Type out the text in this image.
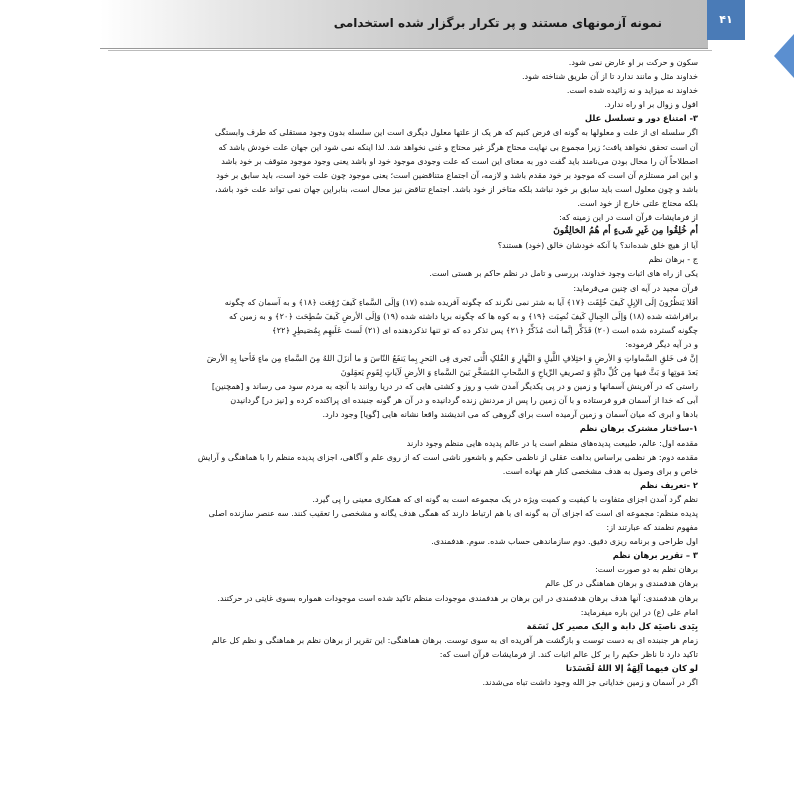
نمونه آزمونهای مستند و پر تکرار برگزار شده استخدامی	۴۱
سکون و حرکت بر او عارض نمی شود.
خداوند مثل و مانند ندارد تا از آن طریق شناخته شود.
خداوند نه میزاید و نه زائیده شده است.
افول و زوال بر او راه ندارد.
۳- امتناع دور و تسلسل علل
اگر سلسله ای از علت و معلولها به گونه ای فرض کنیم که هر یک از علتها معلول دیگری است این سلسله بدون وجود مستقلی که طرف وابستگی
آن است تحقق نخواهد یافت؛ زیرا مجموع بی نهایت محتاج هرگز غیر محتاج و غنی نخواهد شد. لذا اینکه نمی شود این جهان علت خودش باشد که
اصطلاحاً آن را محال بودن می‌نامند باید گفت دور به معنای این است که علت وجودی موجود خود او باشد یعنی وجود موجود متوقف بر خود باشد
و این امر مستلزم آن است که موجود بر خود مقدم باشد و لازمه، آن اجتماع متناقضین است؛ یعنی موجود چون علت خود است، باید سابق بر خود
باشد و چون معلول است باید سابق بر خود نباشد بلکه متاخر از خود باشد. اجتماع تناقض نیز محال است، بنابراین جهان نمی تواند علت خود باشد،
بلکه محتاج علتی خارج از خود است.
از فرمایشات قرآن است در این زمینه که:
أم خُلِقُوا مِن غَیرِ شَیءٍ أم هُمُ الخالِقُونَ
آیا از هیچ خلق شده‌اند؟ یا آنکه خودشان خالق (خود) هستند؟
ج - برهان نظم
یکی از راه های اثبات وجود خداوند، بررسی و تامل در نظم حاکم بر هستی است.
قرآن مجید در آیه ای چنین می‌فرماید:
أفَلا یَنظُرُونَ إلَی الإبِلِ کَیفَ خُلِقَت ﴿۱۷﴾ آیا به شتر نمی نگرند که چگونه آفریده شده (۱۷) وَإلَی السَّماءِ کَیفَ رُفِعَت ﴿۱۸﴾ و به آسمان که چگونه
برافراشته شده (۱۸) وَإلَی الجِبالِ کَیفَ نُصِبَت ﴿۱۹﴾ و به کوه ها که چگونه برپا داشته شده (۱۹) وَإلَی الأرضِ کَیفَ سُطِحَت ﴿۲۰﴾ و به زمین که
چگونه گسترده شده است (۲۰) فَذَکِّر إنَّما أنتَ مُذَکِّرٌ ﴿۲۱﴾ پس تذکر ده که تو تنها تذکردهنده ای (۲۱) لَستَ عَلَیهِم بِمُصَیطِرٍ ﴿۲۲﴾
و در آیه دیگر فرموده:
إنَّ فی خَلقِ السَّماواتِ وَ الأرضِ وَ اختِلافِ اللَّیلِ وَ النَّهارِ وَ الفُلکِ الَّتی تَجری فِی البَحرِ بِما یَنفَعُ النّاسَ وَ ما أنزَلَ اللهُ مِنَ السَّماءِ مِن ماءٍ فَأحیا بِهِ الأرضَ
بَعدَ مَوتِها وَ بَثَّ فیها مِن کُلِّ دابَّةٍ وَ تَصریفِ الرِّیاحِ وَ السَّحابِ المُسَخَّرِ بَینَ السَّماءِ وَ الأرضِ لَآیاتٍ لِقَومٍ یَعقِلونَ
راستی که در آفرینش آسمانها و زمین و در پی یکدیگر آمدن شب و روز و کشتی هایی که در دریا روانند با آنچه به مردم سود می رساند و [همچنین]
آبی که خدا از آسمان فرو فرستاده و با آن زمین را پس از مردنش زنده گردانیده و در آن هر گونه جنبنده ای پراکنده کرده و [نیز در] گردانیدن
بادها و ابری که میان آسمان و زمین آرمیده است برای گروهی که می اندیشند واقعا نشانه هایی [گویا] وجود دارد.
۱-ساختار مشترک برهان نظم
مقدمه اول: عالم، طبیعت پدیده‌های منظم است یا در عالم پدیده هایی منظم وجود دارند
مقدمه دوم: هر نظمی براساس بداهت عقلی از ناظمی حکیم و باشعور ناشی است که از روی علم و آگاهی، اجزای پدیده منظم را با هماهنگی و آرایش
خاص و برای وصول به هدف مشخصی کنار هم نهاده است.
۲ -تعریف نظم
نظم گرد آمدن اجزای متفاوت با کیفیت و کمیت ویژه در یک مجموعه است به گونه ای که همکاری معینی را پی گیرد.
پدیده منظم: مجموعه ای است که اجزای آن به گونه ای با هم ارتباط دارند که همگی هدف یگانه و مشخصی را تعقیب کنند. سه عنصر سازنده اصلی
مفهوم نظمند که عبارتند از:
اول طراحی و برنامه ریزی دقیق. دوم سازماندهی حساب شده. سوم. هدفمندی.
۳ – تقریر برهان نظم
برهان نظم به دو صورت است:
برهان هدفمندی و برهان هماهنگی در کل عالم
برهان هدفمندی: آنها هدف برهان هدفمندی در این برهان بر هدفمندی موجودات منظم تاکید شده است موجودات همواره بسوی غایتی در حرکتند.
امام علی (ع) در این باره میفرماید:
بِیَدی ناصیَة کل دابة و الیک مصیر کل نَسَمَة
زمام هر جنبنده ای به دست توست و بازگشت هر آفریده ای به سوی توست. برهان هماهنگی: این تقریر از برهان نظم بر هماهنگی و نظم کل عالم
تاکید دارد تا ناظر حکیم را بر کل عالم اثبات کند. از فرمایشات قرآن است که:
لو کان فیهما آلِهَةٌ إلا اللهُ لَفَسَدَتا
اگر در آسمان و زمین خدایانی جز الله وجود داشت تباه می‌شدند.
